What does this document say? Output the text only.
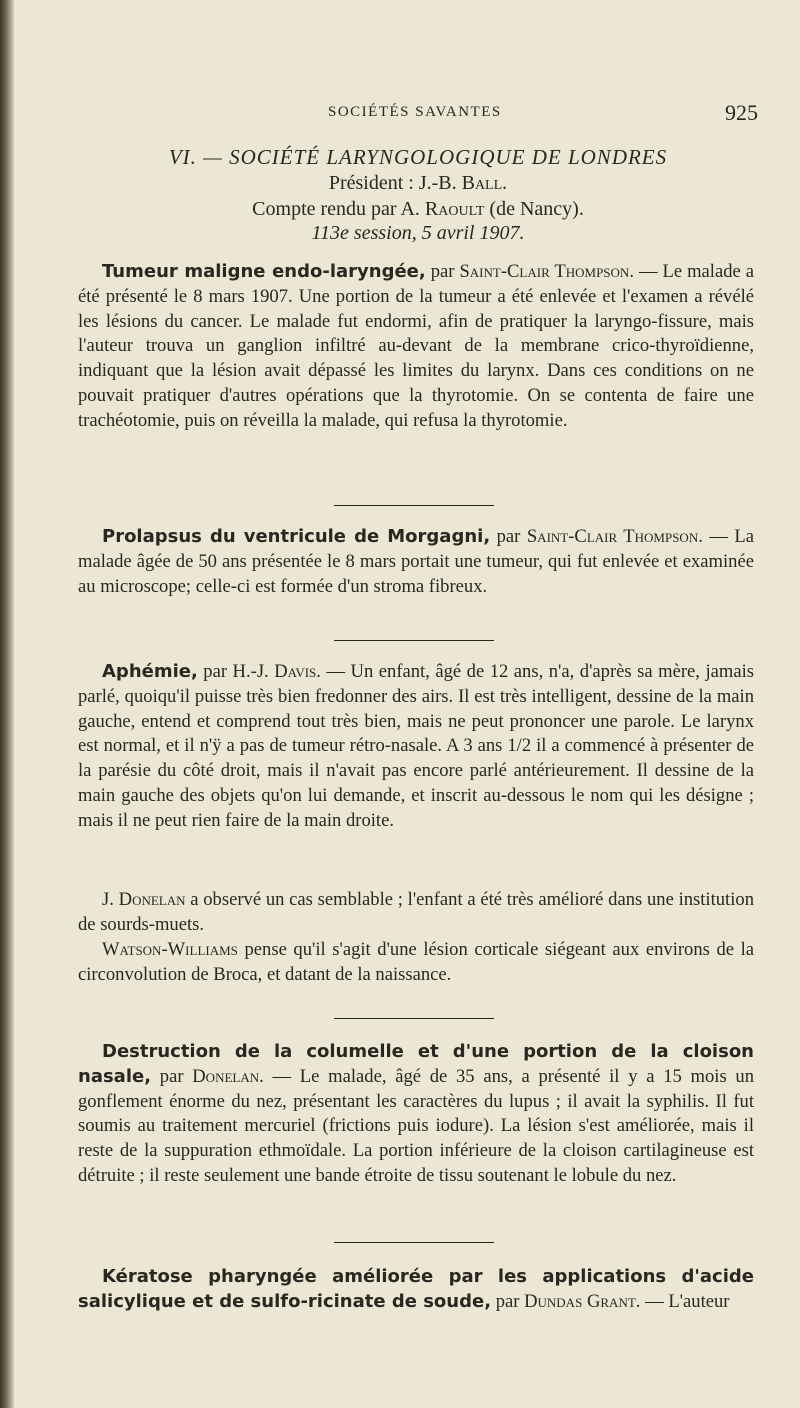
SOCIÉTÉS SAVANTES	925
VI. — SOCIÉTÉ LARYNGOLOGIQUE DE LONDRES
Président : J.-B. Ball.
Compte rendu par A. Raoult (de Nancy).
113e session, 5 avril 1907.

Tumeur maligne endo-laryngée, par Saint-Clair Thompson. — Le malade a été présenté le 8 mars 1907. Une portion de la tumeur a été enlevée et l'examen a révélé les lésions du cancer. Le malade fut endormi, afin de pratiquer la laryngo-fissure, mais l'auteur trouva un ganglion infiltré au-devant de la membrane crico-thyroïdienne, indiquant que la lésion avait dépassé les limites du larynx. Dans ces conditions on ne pouvait pratiquer d'autres opérations que la thyrotomie. On se contenta de faire une trachéotomie, puis on réveilla la malade, qui refusa la thyrotomie.

Prolapsus du ventricule de Morgagni, par Saint-Clair Thompson. — La malade âgée de 50 ans présentée le 8 mars portait une tumeur, qui fut enlevée et examinée au microscope; celle-ci est formée d'un stroma fibreux.

Aphémie, par H.-J. Davis. — Un enfant, âgé de 12 ans, n'a, d'après sa mère, jamais parlé, quoiqu'il puisse très bien fredonner des airs. Il est très intelligent, dessine de la main gauche, entend et comprend tout très bien, mais ne peut prononcer une parole. Le larynx est normal, et il n'ÿ a pas de tumeur rétro-nasale. A 3 ans 1/2 il a commencé à présenter de la parésie du côté droit, mais il n'avait pas encore parlé antérieurement. Il dessine de la main gauche des objets qu'on lui demande, et inscrit au-dessous le nom qui les désigne ; mais il ne peut rien faire de la main droite.

J. Donelan a observé un cas semblable ; l'enfant a été très amélioré dans une institution de sourds-muets.

Watson-Williams pense qu'il s'agit d'une lésion corticale siégeant aux environs de la circonvolution de Broca, et datant de la naissance.

Destruction de la columelle et d'une portion de la cloison nasale, par Donelan. — Le malade, âgé de 35 ans, a présenté il y a 15 mois un gonflement énorme du nez, présentant les caractères du lupus ; il avait la syphilis. Il fut soumis au traitement mercuriel (frictions puis iodure). La lésion s'est améliorée, mais il reste de la suppuration ethmoïdale. La portion inférieure de la cloison cartilagineuse est détruite ; il reste seulement une bande étroite de tissu soutenant le lobule du nez.

Kératose pharyngée améliorée par les applications d'acide salicylique et de sulfo-ricinate de soude, par Dundas Grant. — L'auteur
